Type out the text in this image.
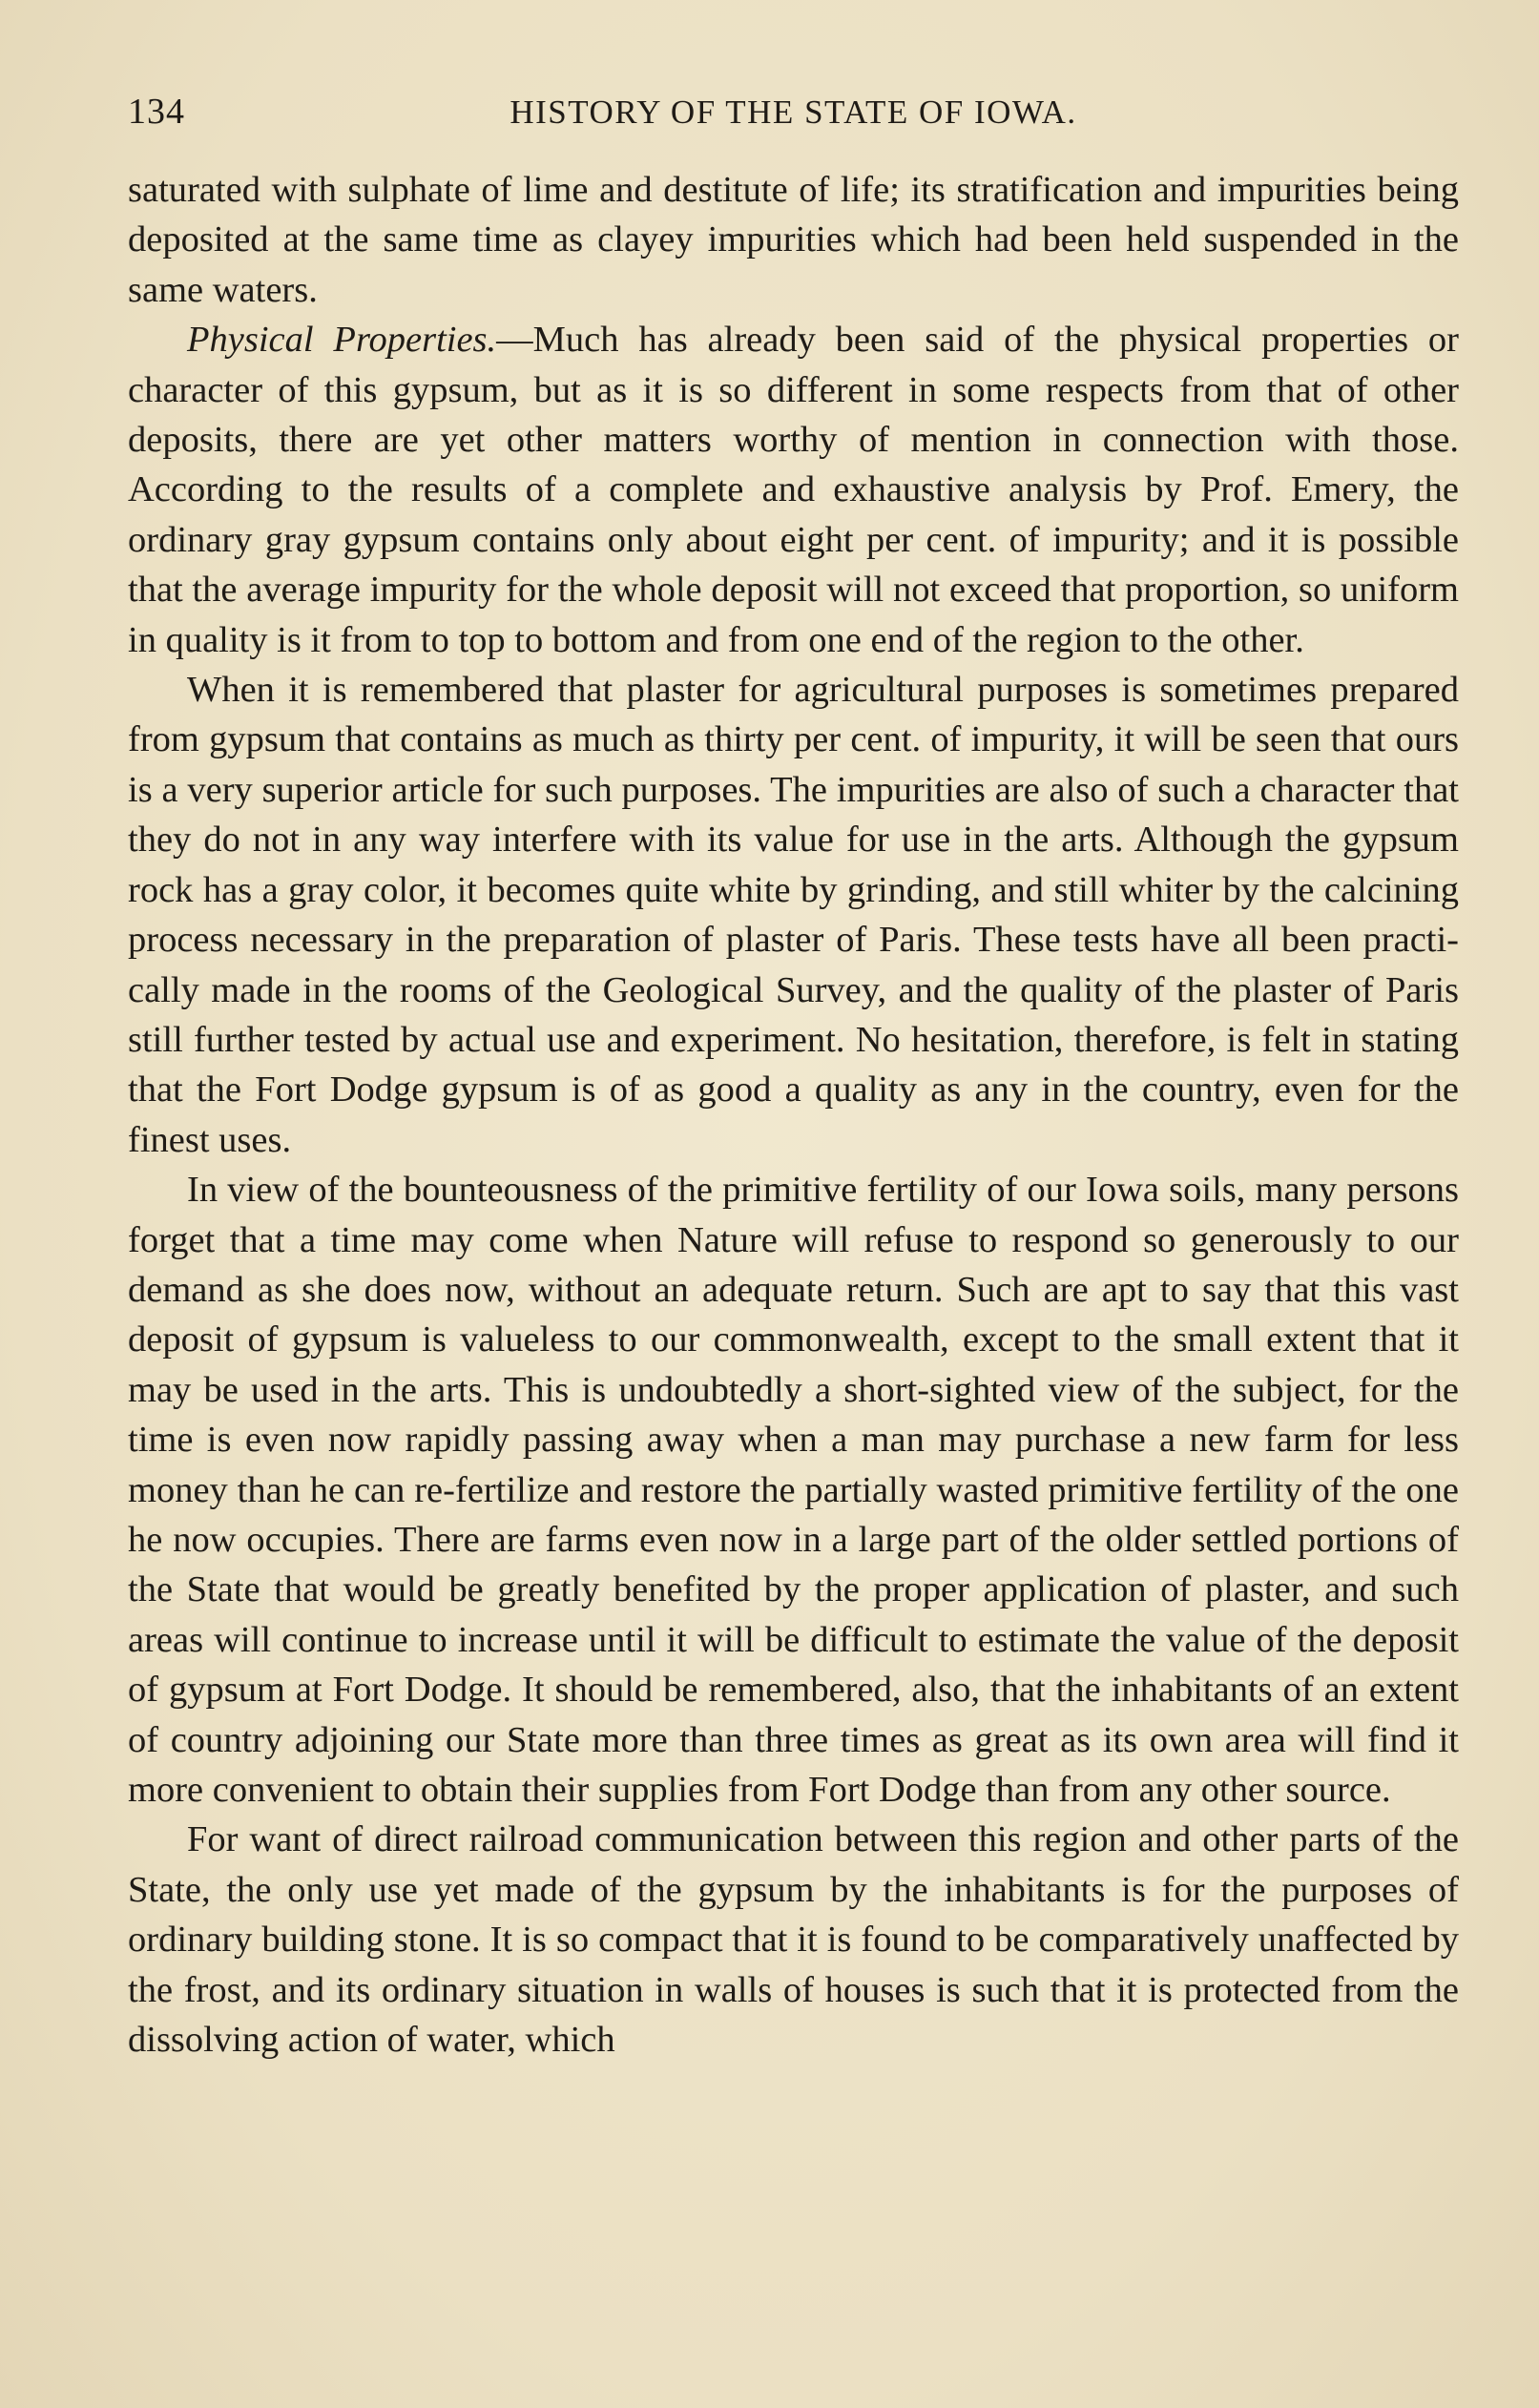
134	HISTORY OF THE STATE OF IOWA.

saturated with sulphate of lime and destitute of life; its stratification and impurities being deposited at the same time as clayey impurities which had been held suspended in the same waters.

Physical Properties.—Much has already been said of the physical properties or character of this gypsum, but as it is so different in some respects from that of other deposits, there are yet other matters worthy of mention in connection with those. According to the results of a complete and exhaustive analysis by Prof. Emery, the ordinary gray gypsum contains only about eight per cent. of impurity; and it is possible that the average impurity for the whole deposit will not exceed that proportion, so uniform in quality is it from to top to bottom and from one end of the region to the other.

When it is remembered that plaster for agricultural purposes is sometimes prepared from gypsum that contains as much as thirty per cent. of impurity, it will be seen that ours is a very superior article for such purposes. The impurities are also of such a character that they do not in any way interfere with its value for use in the arts. Although the gypsum rock has a gray color, it becomes quite white by grinding, and still whiter by the calcining process necessary in the preparation of plaster of Paris. These tests have all been practically made in the rooms of the Geological Survey, and the quality of the plaster of Paris still further tested by actual use and experiment. No hesitation, therefore, is felt in stating that the Fort Dodge gypsum is of as good a quality as any in the country, even for the finest uses.

In view of the bounteousness of the primitive fertility of our Iowa soils, many persons forget that a time may come when Nature will refuse to respond so generously to our demand as she does now, without an adequate return. Such are apt to say that this vast deposit of gypsum is valueless to our commonwealth, except to the small extent that it may be used in the arts. This is undoubtedly a short-sighted view of the subject, for the time is even now rapidly passing away when a man may purchase a new farm for less money than he can re-fertilize and restore the partially wasted primitive fertility of the one he now occupies. There are farms even now in a large part of the older settled portions of the State that would be greatly benefited by the proper application of plaster, and such areas will continue to increase until it will be difficult to estimate the value of the deposit of gypsum at Fort Dodge. It should be remembered, also, that the inhabitants of an extent of country adjoining our State more than three times as great as its own area will find it more convenient to obtain their supplies from Fort Dodge than from any other source.

For want of direct railroad communication between this region and other parts of the State, the only use yet made of the gypsum by the inhabitants is for the purposes of ordinary building stone. It is so compact that it is found to be comparatively unaffected by the frost, and its ordinary situation in walls of houses is such that it is protected from the dissolving action of water, which
